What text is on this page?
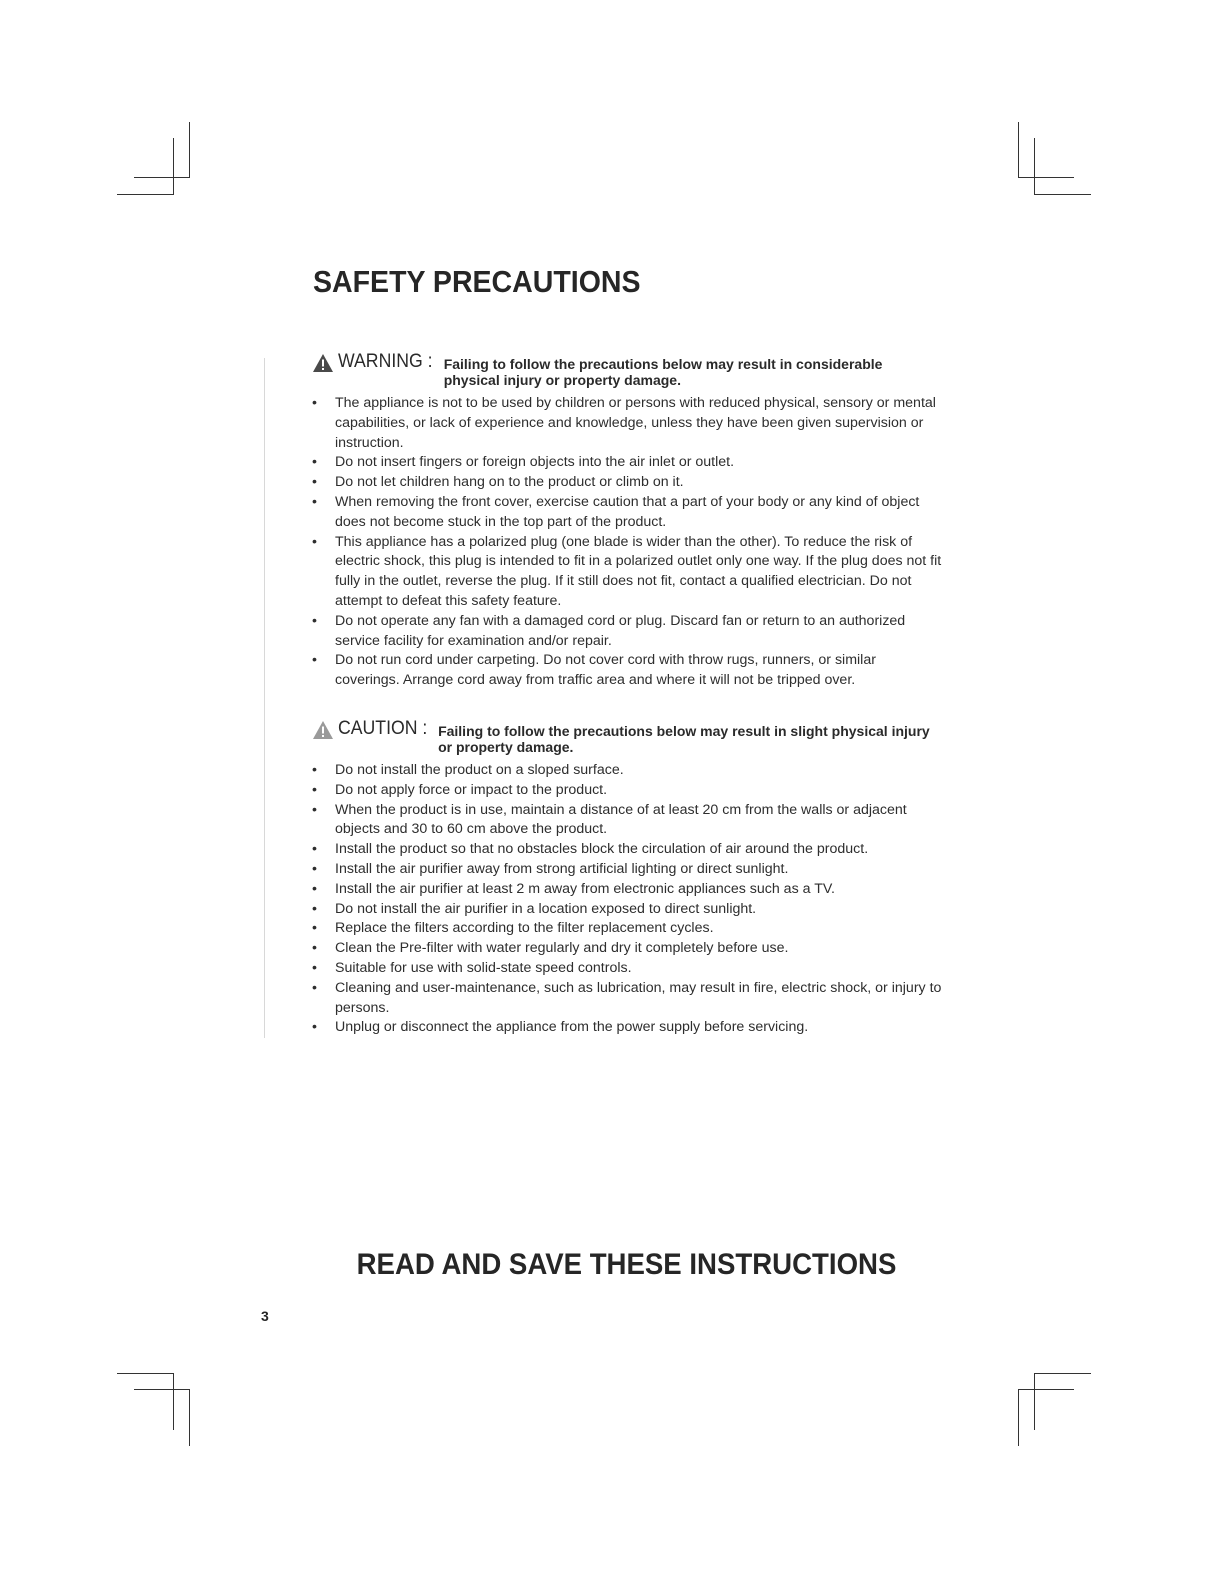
SAFETY PRECAUTIONS
WARNING : Failing to follow the precautions below may result in considerable physical injury or property damage.
•	The appliance is not to be used by children or persons with reduced physical, sensory or mental capabilities, or lack of experience and knowledge, unless they have been given supervision or instruction.
•	Do not insert fingers or foreign objects into the air inlet or outlet.
•	Do not let children hang on to the product or climb on it.
•	When removing the front cover, exercise caution that a part of your body or any kind of object does not become stuck in the top part of the product.
•	This appliance has a polarized plug (one blade is wider than the other). To reduce the risk of electric shock, this plug is intended to fit in a polarized outlet only one way. If the plug does not fit fully in the outlet, reverse the plug. If it still does not fit, contact a qualified electrician. Do not attempt to defeat this safety feature.
•	Do not operate any fan with a damaged cord or plug. Discard fan or return to an authorized service facility for examination and/or repair.
•	Do not run cord under carpeting. Do not cover cord with throw rugs, runners, or similar coverings. Arrange cord away from traffic area and where it will not be tripped over.
CAUTION : Failing to follow the precautions below may result in slight physical injury or property damage.
•	Do not install the product on a sloped surface.
•	Do not apply force or impact to the product.
•	When the product is in use, maintain a distance of at least 20 cm from the walls or adjacent objects and 30 to 60 cm above the product.
•	Install the product so that no obstacles block the circulation of air around the product.
•	Install the air purifier away from strong artificial lighting or direct sunlight.
•	Install the air purifier at least 2 m away from electronic appliances such as a TV.
•	Do not install the air purifier in a location exposed to direct sunlight.
•	Replace the filters according to the filter replacement cycles.
•	Clean the Pre-filter with water regularly and dry it completely before use.
•	Suitable for use with solid-state speed controls.
•	Cleaning and user-maintenance, such as lubrication, may result in fire, electric shock, or injury to persons.
•	Unplug or disconnect the appliance from the power supply before servicing.
READ AND SAVE THESE INSTRUCTIONS
3
